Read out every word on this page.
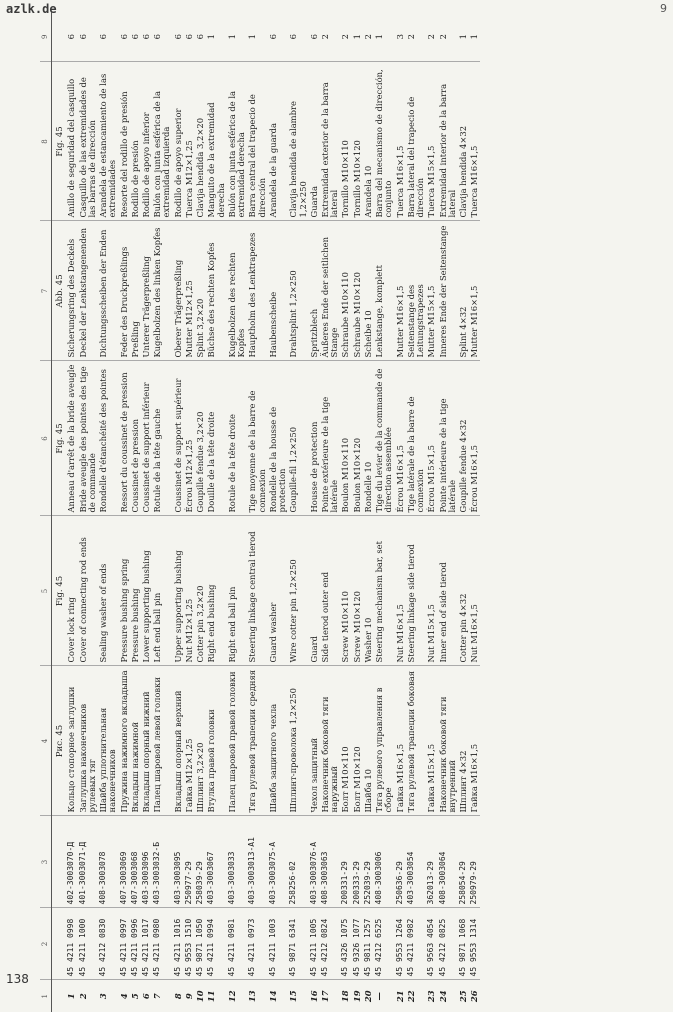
azlk.de	9
138
1	2	3	4	5	6	7	8	9
			Рис. 45	Fig. 45	Fig. 45	Abb. 45	Fig. 45	
1	45 4211 0998	402-3003070-Д	Кольцо стопорное заглушки	Cover lock ring	Anneau d'arrêt de la bride aveugle	Sicherungsring des Deckels	Anillo de seguridad del casquillo	6
2	45 4211 1000	401-3003071-Д	Заглушка наконечников рулевых тяг	Cover of connecting rod ends	Bride aveugle des pointes des tige de commande	Deckel der Lenkstangenenden	Casquillo de las extremidades de las barras de dirección	6
3	45 4212 0830	408-3003078	Шайба уплотнительная наконечников	Sealing washer of ends	Rondelle d'étanchéité des pointes	Dichtungsscheiben der Enden	Arandela de estancamiento de las extremidades	6
4	45 4211 0997	407-3003069	Пружина нажимного вкладыша	Pressure bushing spring	Ressort du coussinet de pression	Feder des Druckpreßlings	Resorte del rodillo de presión	6
5	45 4211 0996	407-3003068	Вкладыш нажимной	Pressure bushing	Coussinet de pression	Preßling	Rodillo de presión	6
6	45 4211 1017	403-3003096	Вкладыш опорный нижний	Lower supporting bushing	Coussinet de support inférieur	Unterer Trägerpreßling	Rodillo de apoyo inferior	6
7	45 4211 0980	403-3003032-Б	Палец шаровой левой головки	Left end ball pin	Rotule de la tête gauche	Kugelbolzen des linken Kopfes	Bulón con junta esférica de la extremidad izquierda	6
8	45 4211 1016	403-3003095	Вкладыш опорный верхний	Upper supporting bushing	Coussinet de support supérieur	Oberer Trägerpreßling	Rodillo de apoyo superior	6
9	45 9553 1510	250977-29	Гайка M12×1,25	Nut M12×1,25	Écrou M12×1,25	Mutter M12×1,25	Tuerca M12×1,25	6
10	45 9871 1050	258039-29	Шплинт 3,2×20	Cotter pin 3,2×20	Goupille fendue 3,2×20	Splint 3,2×20	Clavija hendida 3,2×20	6
11	45 4211 0994	403-3003067	Втулка правой головки	Right end bushing	Douille de la tête droite	Büchse des rechten Kopfes	Manguito de la extremidad derecha	1
12	45 4211 0981	403-3003033	Палец шаровой правой головки	Right end ball pin	Rotule de la tête droite	Kugelbolzen des rechten Kopfes	Bulón con junta esférica de la extremidad derecha	1
13	45 4211 0973	403-3003013-А1	Тяга рулевой трапеции средняя	Steering linkage central tierod	Tige moyenne de la barre de connexion	Hauptholm des Lenktrapezes	Barra central del trapecio de dirección	1
14	45 4211 1003	403-3003075-А	Шайба защитного чехла	Guard washer	Rondelle de la housse de protection	Haubenscheibe	Arandela de la guarda	6
15	45 9871 6341	258256-02	Шплинт-проволока 1,2×250	Wire cotter pin 1,2×250	Goupille-fil 1,2×250	Drahtsplint 1,2×250	Clavija hendida de alambre 1,2×250	6
16	45 4211 1005	403-3003076-А	Чехол защитный	Guard	Housse de protection	Spritzblech	Guarda	6
17	45 4212 0824	408-3003063	Наконечник боковой тяги наружный	Side tierod outer end	Pointe extérieure de la tige latérale	Äußeres Ende der seitlichen Stange	Extremidad exterior de la barra lateral	2
18	45 4326 1075	200331-29	Болт M10×110	Screw M10×110	Boulon M10×110	Schraube M10×110	Tornillo M10×110	2
19	45 9326 1077	200333-29	Болт M10×120	Screw M10×120	Boulon M10×120	Schraube M10×120	Tornillo M10×120	1
20	45 9811 1257	252039-29	Шайба 10	Washer 10	Rondelle 10	Scheibe 10	Arandela 10	2
—	45 4212 6525	408-3003006	Тяга рулевого управления в сборе	Steering mechanism bar, set	Tige du levier de la commande de direction assemblée	Lenkstange, komplett	Barra del mecanismo de dirección, conjunto	1
21	45 9553 1264	250636-29	Гайка M16×1,5	Nut M16×1,5	Écrou M16×1,5	Mutter M16×1,5	Tuerca M16×1,5	3
22	45 4211 0982	403-3003054	Тяга рулевой трапеции боковая	Steering linkage side tierod	Tige latérale de la barre de connexion	Seitenstange des Leitungstrapezes	Barra lateral del trapecio de dirección	2
23	45 9563 4054	362013-29	Гайка M15×1,5	Nut M15×1,5	Écrou M15×1,5	Mutter M15×1,5	Tuerca M15×1,5	2
24	45 4212 0825	408-3003064	Наконечник боковой тяги внутренний	Inner end of side tierod	Pointe intérieure de la tige latérale	Inneres Ende der Seitenstange	Extremidad interior de la barra lateral	2
25	45 9871 1068	258054-29	Шплинт 4×32	Cotter pin 4×32	Goupille fendue 4×32	Splint 4×32	Clavija hendida 4×32	1
26	45 9553 1314	250979-29	Гайка M16×1,5	Nut M16×1,5	Écrou M16×1,5	Mutter M16×1,5	Tuerca M16×1,5	1
